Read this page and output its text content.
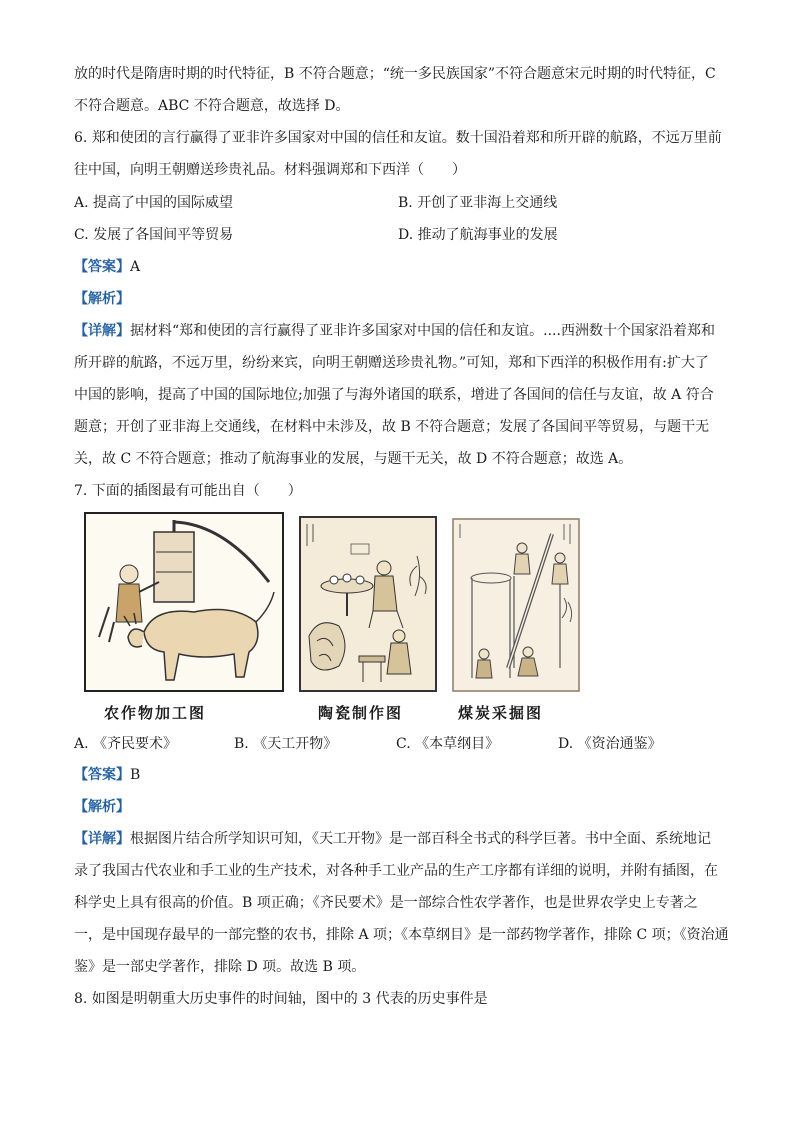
放的时代是隋唐时期的时代特征，B 不符合题意；“统一多民族国家”不符合题意宋元时期的时代特征，C
不符合题意。ABC 不符合题意，故选择 D。
6. 郑和使团的言行赢得了亚非许多国家对中国的信任和友谊。数十国沿着郑和所开辟的航路，不远万里前
往中国，向明王朝赠送珍贵礼品。材料强调郑和下西洋（　　）
A. 提高了中国的国际威望	B. 开创了亚非海上交通线
C. 发展了各国间平等贸易	D. 推动了航海事业的发展
【答案】A
【解析】
【详解】据材料“郑和使团的言行赢得了亚非许多国家对中国的信任和友谊。....西洲数十个国家沿着郑和
所开辟的航路，不远万里，纷纷来宾，向明王朝赠送珍贵礼物。”可知，郑和下西洋的积极作用有:扩大了
中国的影响，提高了中国的国际地位;加强了与海外诸国的联系，增进了各国间的信任与友谊，故 A 符合
题意；开创了亚非海上交通线，在材料中未涉及，故 B 不符合题意；发展了各国间平等贸易，与题干无
关，故 C 不符合题意；推动了航海事业的发展，与题干无关，故 D 不符合题意；故选 A。
7. 下面的插图最有可能出自（　　）
农作物加工图	陶瓷制作图	煤炭采掘图
A. 《齐民要术》	B. 《天工开物》	C. 《本草纲目》	D. 《资治通鉴》
【答案】B
【解析】
【详解】根据图片结合所学知识可知，《天工开物》是一部百科全书式的科学巨著。书中全面、系统地记
录了我国古代农业和手工业的生产技术，对各种手工业产品的生产工序都有详细的说明，并附有插图，在
科学史上具有很高的价值。B 项正确；《齐民要术》是一部综合性农学著作，也是世界农学史上专著之
一，是中国现存最早的一部完整的农书，排除 A 项；《本草纲目》是一部药物学著作，排除 C 项；《资治通
鉴》是一部史学著作，排除 D 项。故选 B 项。
8. 如图是明朝重大历史事件的时间轴，图中的 3 代表的历史事件是
